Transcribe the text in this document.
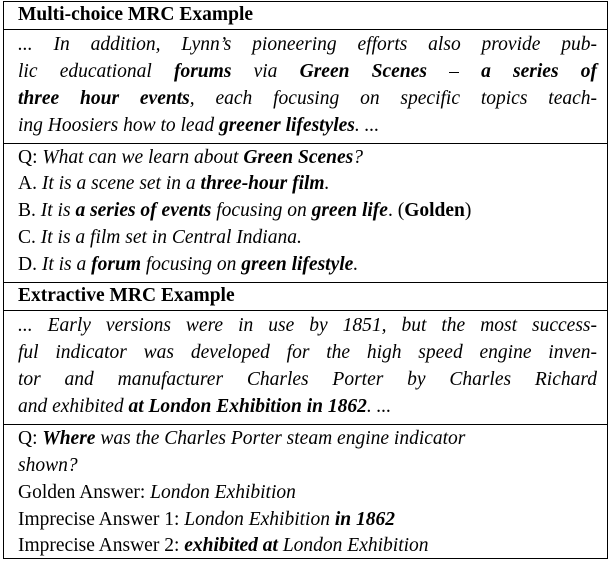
Multi-choice MRC Example
... In addition, Lynn’s pioneering efforts also provide pub-
lic educational forums via Green Scenes – a series of
three hour events, each focusing on specific topics teach-
ing Hoosiers how to lead greener lifestyles. ...
Q: What can we learn about Green Scenes?
A. It is a scene set in a three-hour film.
B. It is a series of events focusing on green life. (Golden)
C. It is a film set in Central Indiana.
D. It is a forum focusing on green lifestyle.
Extractive MRC Example
... Early versions were in use by 1851, but the most success-
ful indicator was developed for the high speed engine inven-
tor and manufacturer Charles Porter by Charles Richard
and exhibited at London Exhibition in 1862. ...
Q: Where was the Charles Porter steam engine indicator
shown?
Golden Answer: London Exhibition
Imprecise Answer 1: London Exhibition in 1862
Imprecise Answer 2: exhibited at London Exhibition
